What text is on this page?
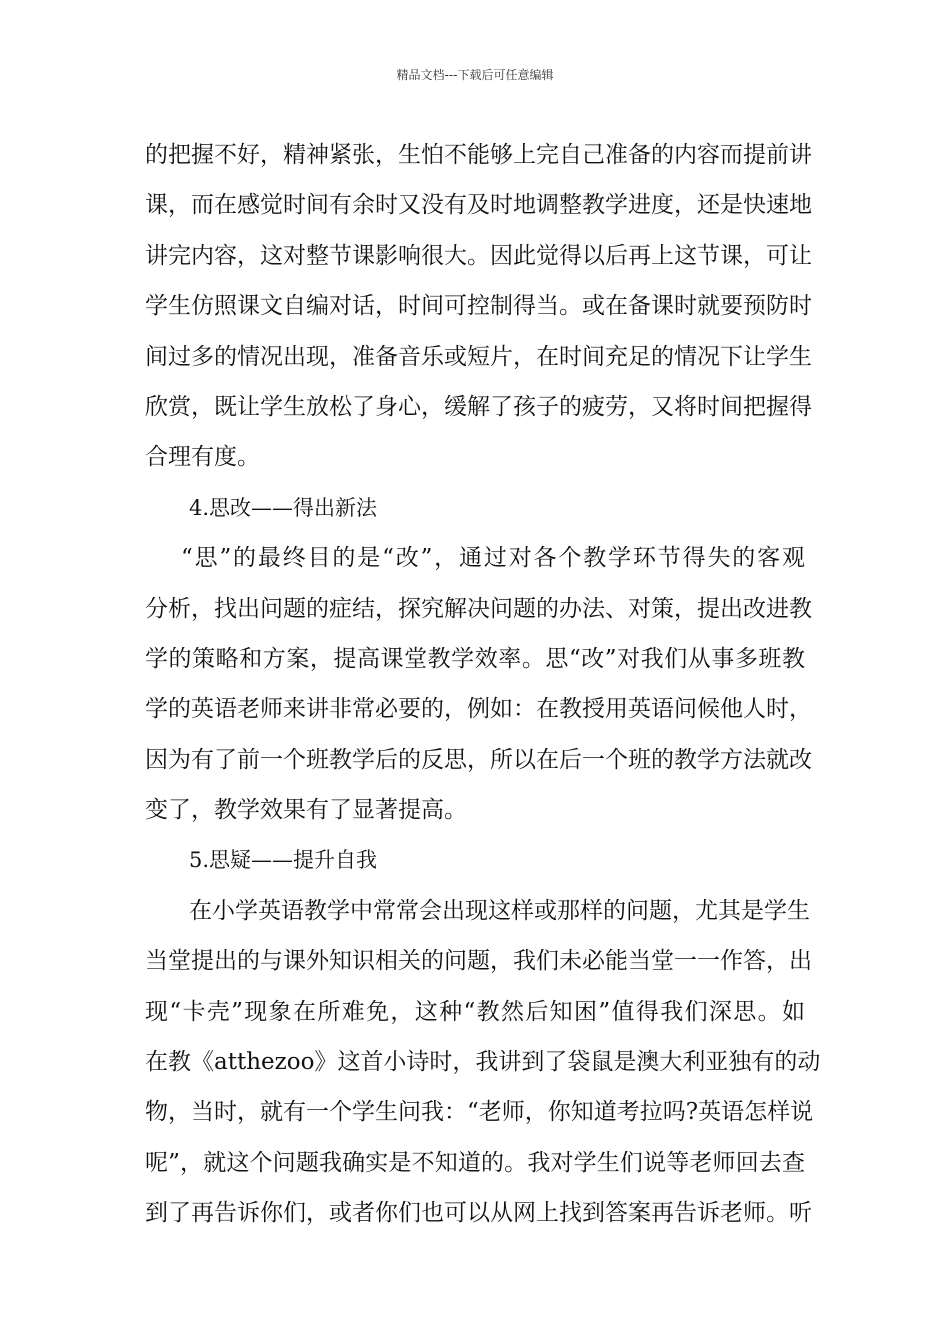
精品文档---下载后可任意编辑
的把握不好，精神紧张，生怕不能够上完自己准备的内容而提前讲
课，而在感觉时间有余时又没有及时地调整教学进度，还是快速地
讲完内容，这对整节课影响很大。因此觉得以后再上这节课，可让
学生仿照课文自编对话，时间可控制得当。或在备课时就要预防时
间过多的情况出现，准备音乐或短片，在时间充足的情况下让学生
欣赏，既让学生放松了身心，缓解了孩子的疲劳，又将时间把握得
合理有度。
4.思改——得出新法
“思”的最终目的是“改”，通过对各个教学环节得失的客观
分析，找出问题的症结，探究解决问题的办法、对策，提出改进教
学的策略和方案，提高课堂教学效率。思“改”对我们从事多班教
学的英语老师来讲非常必要的，例如：在教授用英语问候他人时，
因为有了前一个班教学后的反思，所以在后一个班的教学方法就改
变了，教学效果有了显著提高。
5.思疑——提升自我
在小学英语教学中常常会出现这样或那样的问题，尤其是学生
当堂提出的与课外知识相关的问题，我们未必能当堂一一作答，出
现“卡壳”现象在所难免，这种“教然后知困”值得我们深思。如
在教《atthezoo》这首小诗时，我讲到了袋鼠是澳大利亚独有的动
物，当时，就有一个学生问我：“老师，你知道考拉吗?英语怎样说
呢”，就这个问题我确实是不知道的。我对学生们说等老师回去查
到了再告诉你们，或者你们也可以从网上找到答案再告诉老师。听
